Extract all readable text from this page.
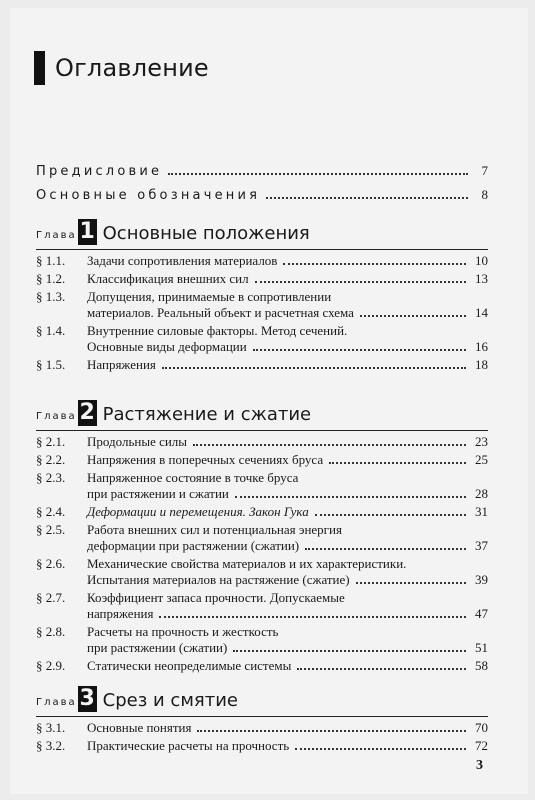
Оглавление
Предисловие	7
Основные обозначения	8
Глава 1 Основные положения
§ 1.1.	Задачи сопротивления материалов	10
§ 1.2.	Классификация внешних сил	13
§ 1.3.	Допущения, принимаемые в сопротивлении
материалов. Реальный объект и расчетная схема	14
§ 1.4.	Внутренние силовые факторы. Метод сечений.
Основные виды деформации	16
§ 1.5.	Напряжения	18
Глава 2 Растяжение и сжатие
§ 2.1.	Продольные силы	23
§ 2.2.	Напряжения в поперечных сечениях бруса	25
§ 2.3.	Напряженное состояние в точке бруса
при растяжении и сжатии	28
§ 2.4.	Деформации и перемещения. Закон Гука	31
§ 2.5.	Работа внешних сил и потенциальная энергия
деформации при растяжении (сжатии)	37
§ 2.6.	Механические свойства материалов и их характеристики.
Испытания материалов на растяжение (сжатие)	39
§ 2.7.	Коэффициент запаса прочности. Допускаемые
напряжения	47
§ 2.8.	Расчеты на прочность и жесткость
при растяжении (сжатии)	51
§ 2.9.	Статически неопределимые системы	58
Глава 3 Срез и смятие
§ 3.1.	Основные понятия	70
§ 3.2.	Практические расчеты на прочность	72
3
